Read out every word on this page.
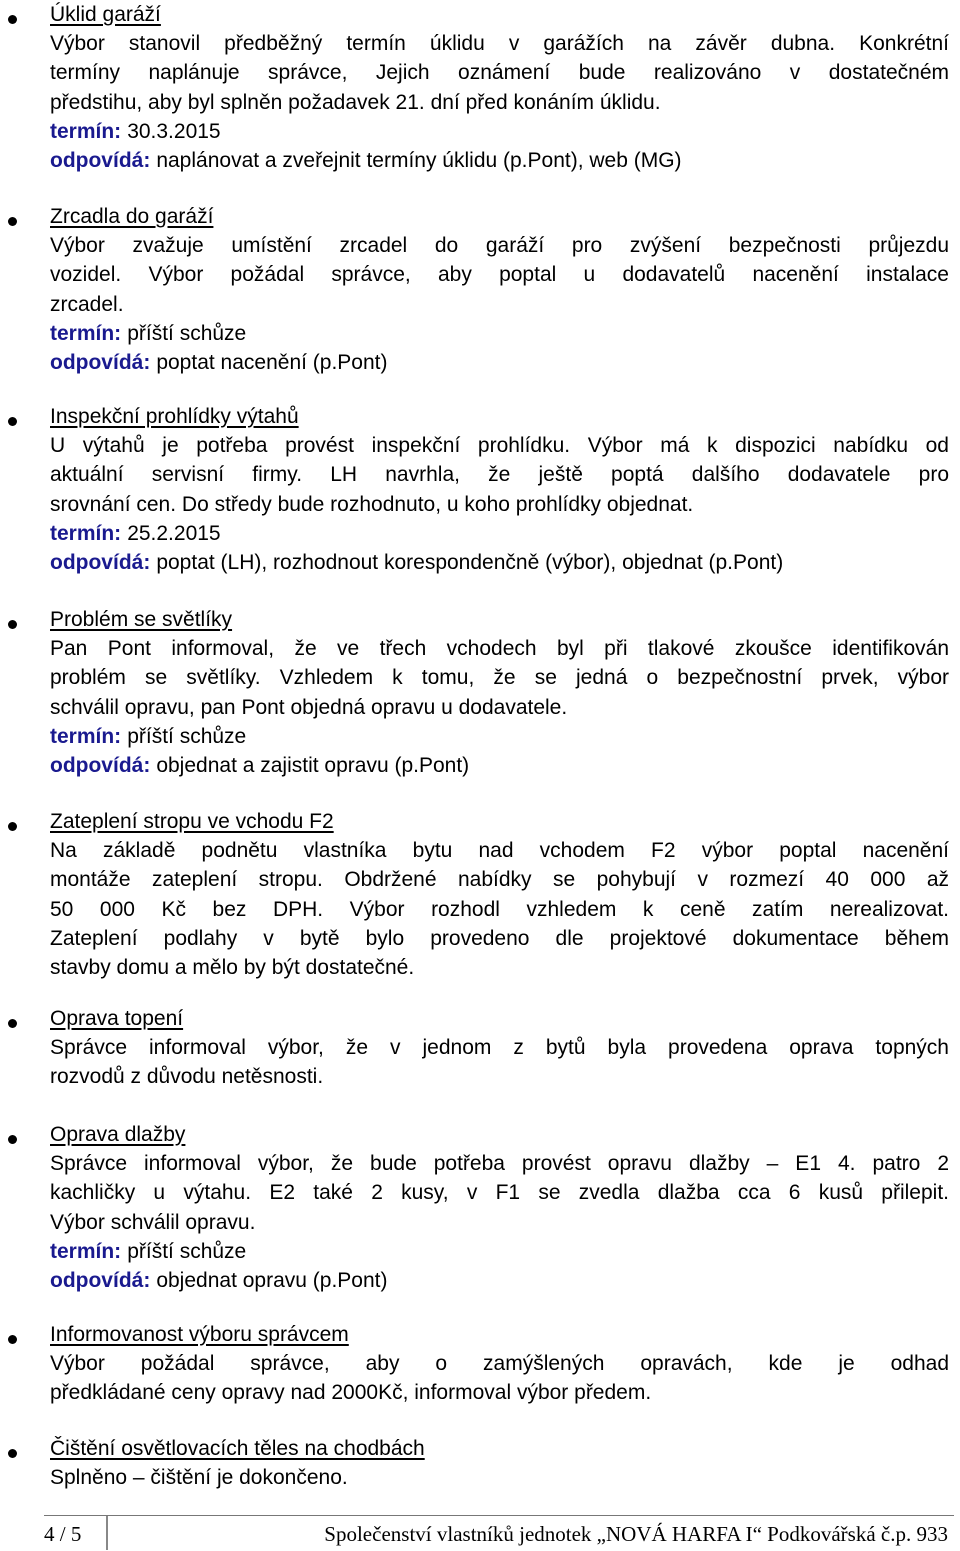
Úklid garáží
Výbor stanovil předběžný termín úklidu v garážích na závěr dubna. Konkrétní
termíny naplánuje správce, Jejich oznámení bude realizováno v dostatečném
předstihu, aby byl splněn požadavek 21. dní před konáním úklidu.
termín: 30.3.2015
odpovídá: naplánovat a zveřejnit termíny úklidu (p.Pont), web (MG)
Zrcadla do garáží
Výbor zvažuje umístění zrcadel do garáží pro zvýšení bezpečnosti průjezdu
vozidel. Výbor požádal správce, aby poptal u dodavatelů nacenění instalace
zrcadel.
termín: příští schůze
odpovídá: poptat nacenění (p.Pont)
Inspekční prohlídky výtahů
U výtahů je potřeba provést inspekční prohlídku. Výbor má k dispozici nabídku od
aktuální servisní firmy. LH navrhla, že ještě poptá dalšího dodavatele pro
srovnání cen. Do středy bude rozhodnuto, u koho prohlídky objednat.
termín: 25.2.2015
odpovídá: poptat (LH), rozhodnout korespondenčně (výbor), objednat (p.Pont)
Problém se světlíky
Pan Pont informoval, že ve třech vchodech byl při tlakové zkoušce identifikován
problém se světlíky. Vzhledem k tomu, že se jedná o bezpečnostní prvek, výbor
schválil opravu, pan Pont objedná opravu u dodavatele.
termín: příští schůze
odpovídá: objednat a zajistit opravu (p.Pont)
Zateplení stropu ve vchodu F2
Na základě podnětu vlastníka bytu nad vchodem F2 výbor poptal nacenění
montáže zateplení stropu. Obdržené nabídky se pohybují v rozmezí 40 000 až
50 000 Kč bez DPH. Výbor rozhodl vzhledem k ceně zatím nerealizovat.
Zateplení podlahy v bytě bylo provedeno dle projektové dokumentace během
stavby domu a mělo by být dostatečné.
Oprava topení
Správce informoval výbor, že v jednom z bytů byla provedena oprava topných
rozvodů z důvodu netěsnosti.
Oprava dlažby
Správce informoval výbor, že bude potřeba provést opravu dlažby – E1 4. patro 2
kachličky u výtahu. E2 také 2 kusy, v F1 se zvedla dlažba cca 6 kusů přilepit.
Výbor schválil opravu.
termín: příští schůze
odpovídá: objednat opravu (p.Pont)
Informovanost výboru správcem
Výbor požádal správce, aby o zamýšlených opravách, kde je odhad
předkládané ceny opravy nad 2000Kč, informoval výbor předem.
Čištění osvětlovacích těles na chodbách
Splněno – čištění je dokončeno.
4 / 5	Společenství vlastníků jednotek „NOVÁ HARFA I“ Podkovářská č.p. 933
